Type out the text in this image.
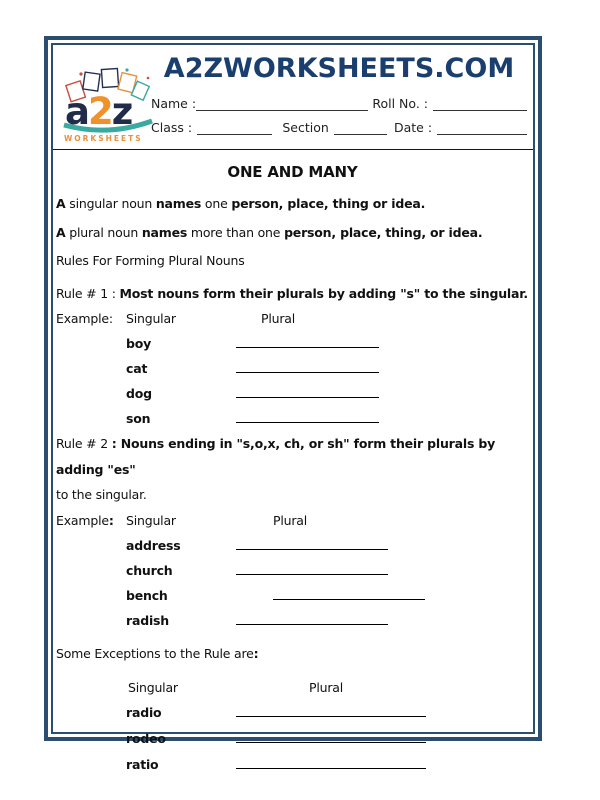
a2z
WORKSHEETS
A2ZWORKSHEETS.COM
Name :	Roll No. :
Class :	Section	Date :
ONE AND MANY

A singular noun names one person, place, thing or idea.

A plural noun names more than one person, place, thing, or idea.

Rules For Forming Plural Nouns

Rule # 1 : Most nouns form their plurals by adding "s" to the singular.

Example: Singular	Plural
boy
cat
dog
son

Rule # 2 : Nouns ending in "s,o,x, ch, or sh" form their plurals by

adding "es"

to the singular.

Example: Singular	Plural
address
church
bench
radish

Some Exceptions to the Rule are:

Singular	Plural
radio
rodeo
ratio
